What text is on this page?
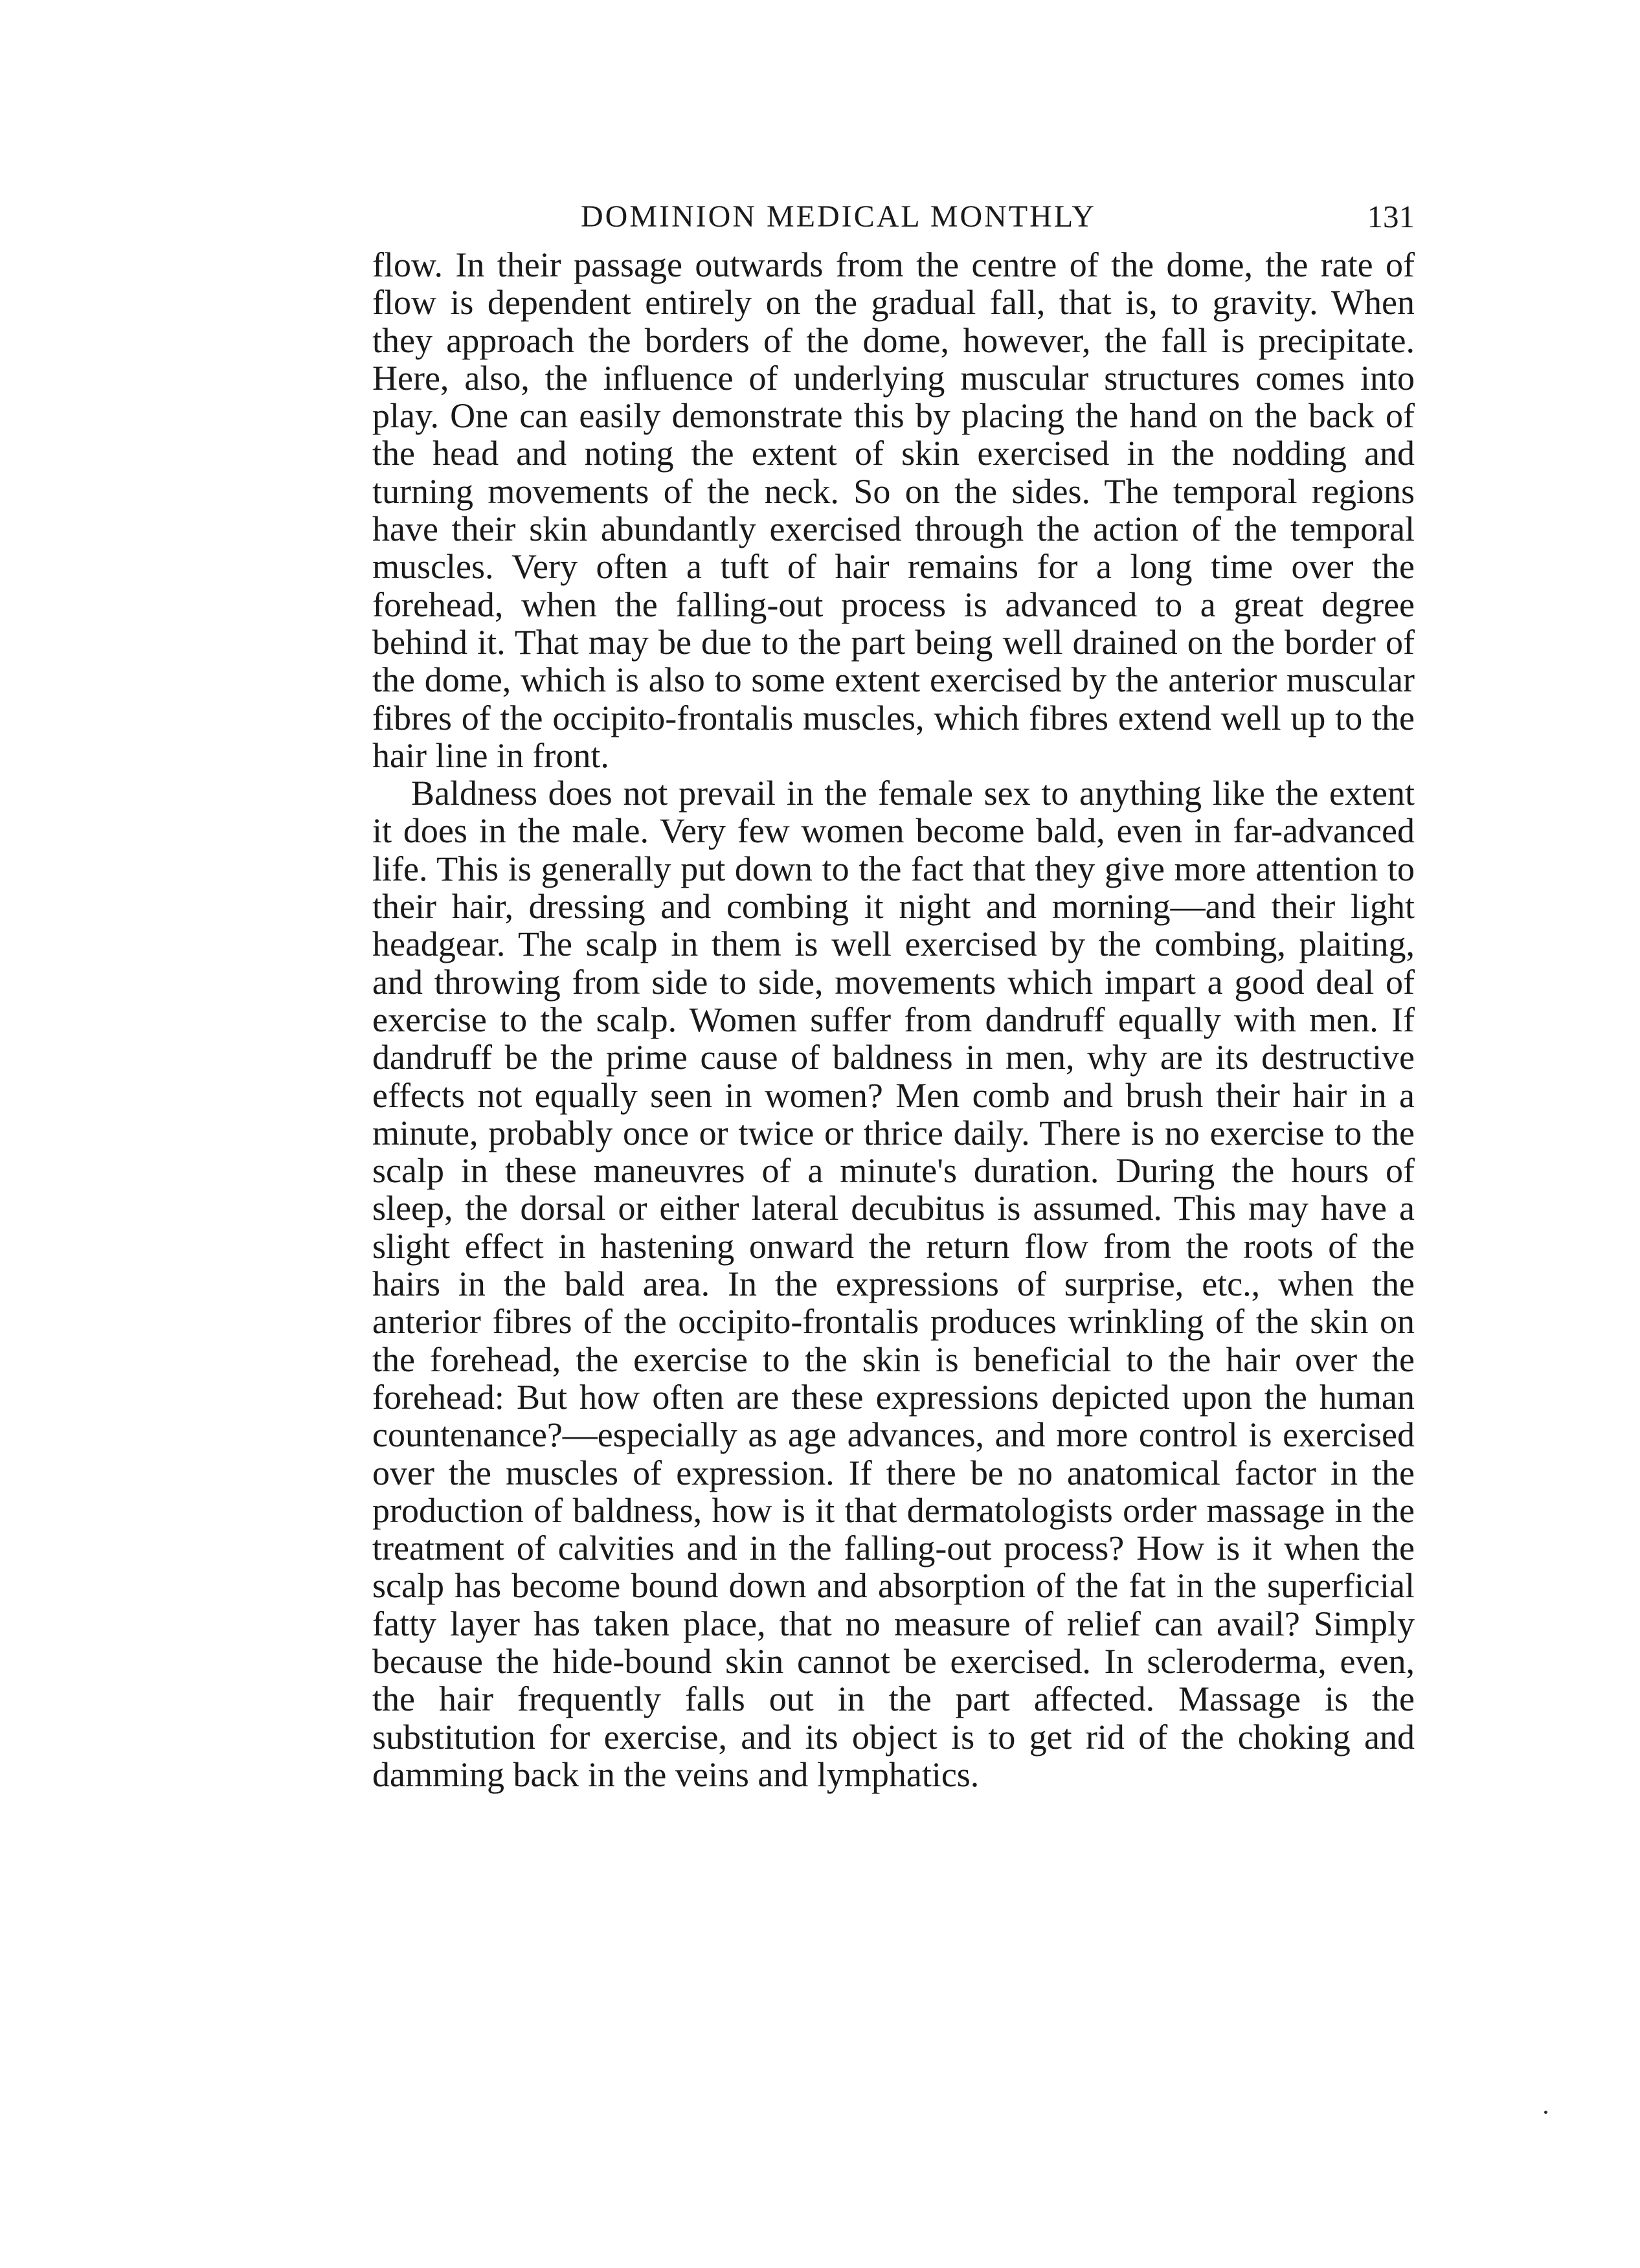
DOMINION MEDICAL MONTHLY	131

flow. In their passage outwards from the centre of the dome, the rate of flow is dependent entirely on the gradual fall, that is, to gravity. When they approach the borders of the dome, however, the fall is precipitate. Here, also, the influence of underlying muscular structures comes into play. One can easily demonstrate this by placing the hand on the back of the head and noting the extent of skin exercised in the nodding and turning movements of the neck. So on the sides. The temporal regions have their skin abundantly exercised through the action of the temporal muscles. Very often a tuft of hair remains for a long time over the forehead, when the falling-out process is advanced to a great degree behind it. That may be due to the part being well drained on the border of the dome, which is also to some extent exercised by the anterior muscular fibres of the occipito-frontalis muscles, which fibres extend well up to the hair line in front.

Baldness does not prevail in the female sex to anything like the extent it does in the male. Very few women become bald, even in far-advanced life. This is generally put down to the fact that they give more attention to their hair, dressing and combing it night and morning—and their light headgear. The scalp in them is well exercised by the combing, plaiting, and throwing from side to side, movements which impart a good deal of exercise to the scalp. Women suffer from dandruff equally with men. If dandruff be the prime cause of baldness in men, why are its destructive effects not equally seen in women? Men comb and brush their hair in a minute, probably once or twice or thrice daily. There is no exercise to the scalp in these maneuvres of a minute's duration. During the hours of sleep, the dorsal or either lateral decubitus is assumed. This may have a slight effect in hastening onward the return flow from the roots of the hairs in the bald area. In the expressions of surprise, etc., when the anterior fibres of the occipito-frontalis produces wrinkling of the skin on the forehead, the exercise to the skin is beneficial to the hair over the forehead: But how often are these expressions depicted upon the human countenance?—especially as age advances, and more control is exercised over the muscles of expression. If there be no anatomical factor in the production of baldness, how is it that dermatologists order massage in the treatment of calvities and in the falling-out process? How is it when the scalp has become bound down and absorption of the fat in the superficial fatty layer has taken place, that no measure of relief can avail? Simply because the hide-bound skin cannot be exercised. In scleroderma, even, the hair frequently falls out in the part affected. Massage is the substitution for exercise, and its object is to get rid of the choking and damming back in the veins and lymphatics.
